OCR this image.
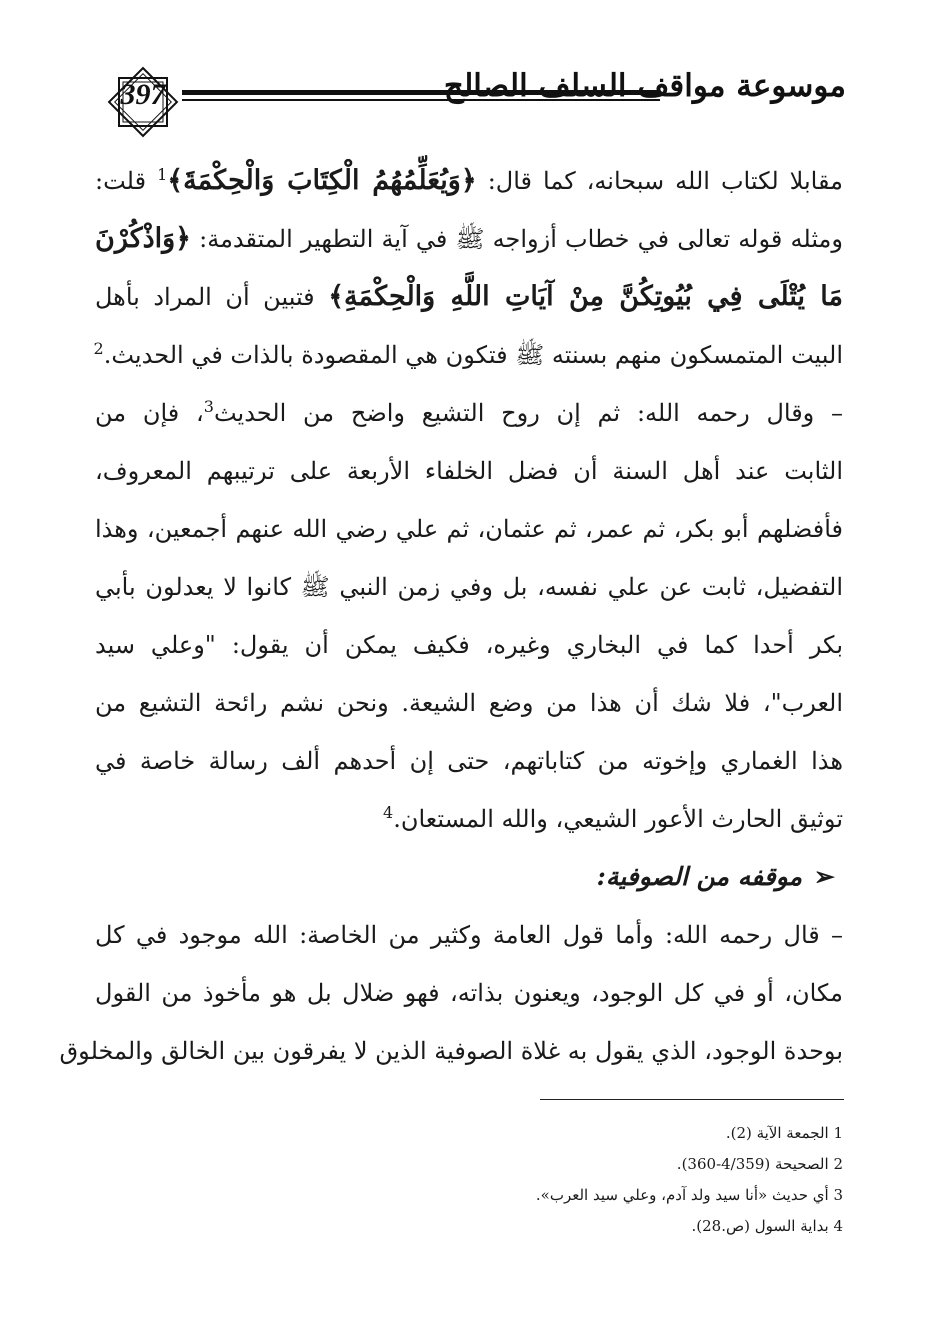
397	موسوعة مواقف السلف الصالح
مقابلا لكتاب الله سبحانه، كما قال: ﴿وَيُعَلِّمُهُمُ الْكِتَابَ وَالْحِكْمَةَ﴾$^1$ قلت:
ومثله قوله تعالى في خطاب أزواجه ﷺ في آية التطهير المتقدمة: ﴿وَاذْكُرْنَ
مَا يُتْلَى فِي بُيُوتِكُنَّ مِنْ آيَاتِ اللَّهِ وَالْحِكْمَةِ﴾ فتبين أن المراد بأهل
البيت المتمسكون منهم بسنته ﷺ فتكون هي المقصودة بالذات في الحديث.$^2$
– وقال رحمه الله: ثم إن روح التشيع واضح من الحديث$^3$، فإن من
الثابت عند أهل السنة أن فضل الخلفاء الأربعة على ترتيبهم المعروف،
فأفضلهم أبو بكر، ثم عمر، ثم عثمان، ثم علي رضي الله عنهم أجمعين، وهذا
التفضيل، ثابت عن علي نفسه، بل وفي زمن النبي ﷺ كانوا لا يعدلون بأبي
بكر أحدا كما في البخاري وغيره، فكيف يمكن أن يقول: "وعلي سيد
العرب"، فلا شك أن هذا من وضع الشيعة. ونحن نشم رائحة التشيع من
هذا الغماري وإخوته من كتاباتهم، حتى إن أحدهم ألف رسالة خاصة في
توثيق الحارث الأعور الشيعي، والله المستعان.$^4$
➢موقفه من الصوفية:
– قال رحمه الله: وأما قول العامة وكثير من الخاصة: الله موجود في كل
مكان، أو في كل الوجود، ويعنون بذاته، فهو ضلال بل هو مأخوذ من القول
بوحدة الوجود، الذي يقول به غلاة الصوفية الذين لا يفرقون بين الخالق والمخلوق
1 الجمعة الآية (2).
2 الصحيحة (4/359-360).
3 أي حديث «أنا سيد ولد آدم، وعلي سيد العرب».
4 بداية السول (ص.28).
